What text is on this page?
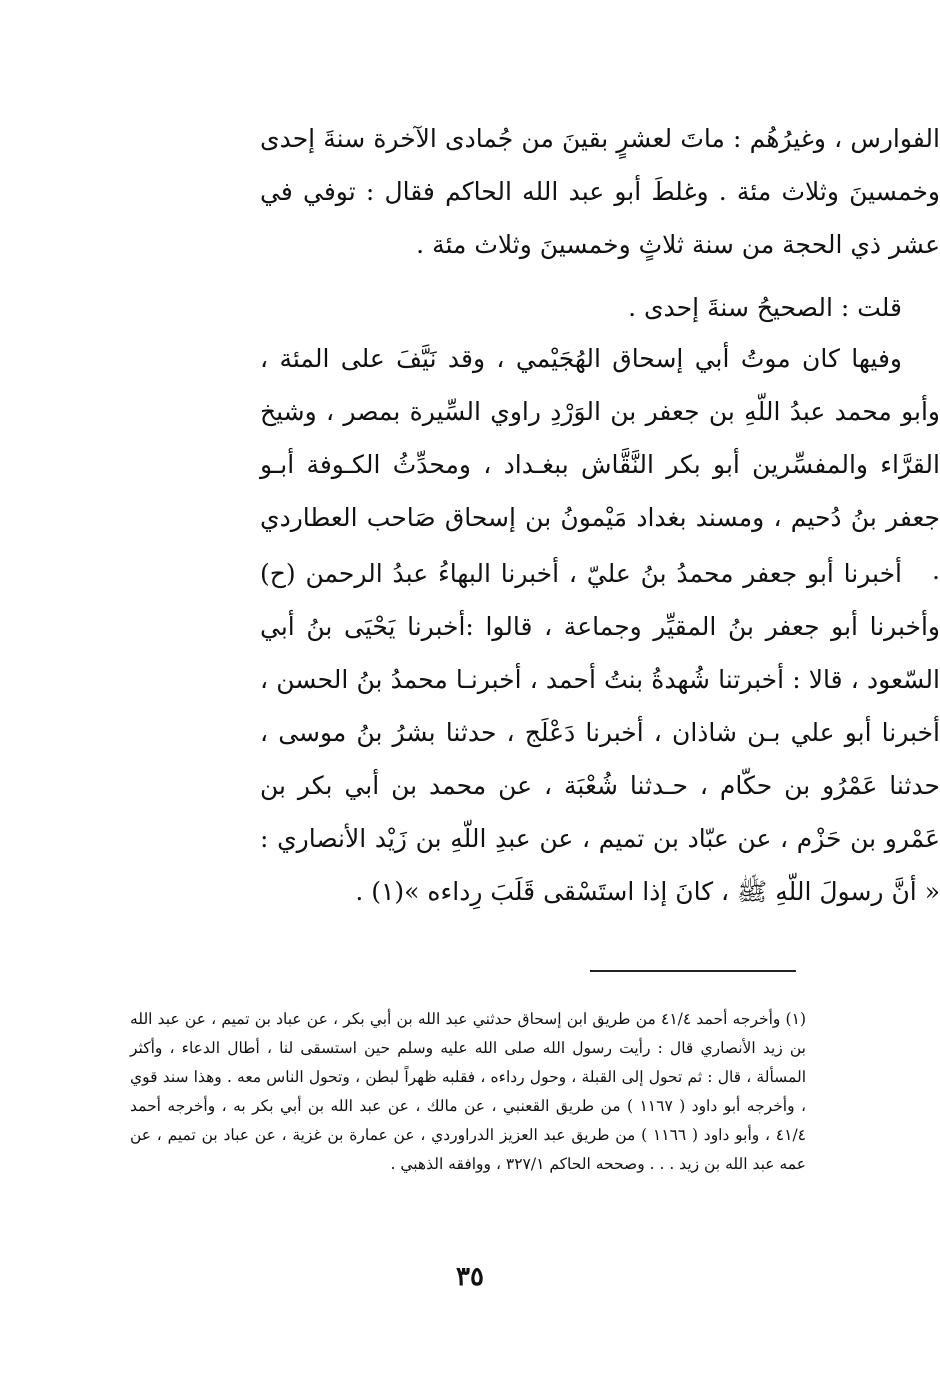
الفوارس ، وغيرُهُم : ماتَ لعشرٍ بقينَ من جُمادى الآخرة سنةَ إحدى وخمسينَ وثلاث مئة . وغلطَ أبو عبد الله الحاكم فقال : توفي في عشر ذي الحجة من سنة ثلاثٍ وخمسينَ وثلاث مئة .

قلت : الصحيحُ سنةَ إحدى .

وفيها كان موتُ أبي إسحاق الهُجَيْمي ، وقد نَيَّفَ على المئة ، وأبو محمد عبدُ اللّهِ بن جعفر بن الوَرْدِ راوي السِّيرة بمصر ، وشيخ القرَّاء والمفسِّرين أبو بكر النَّقَّاش ببغـداد ، ومحدِّثُ الكـوفة أبـو جعفر بنُ دُحيم ، ومسند بغداد مَيْمونُ بن إسحاق صَاحب العطاردي .

أخبرنا أبو جعفر محمدُ بنُ عليّ ، أخبرنا البهاءُ عبدُ الرحمن (ح) وأخبرنا أبو جعفر بنُ المقيِّر وجماعة ، قالوا :أخبرنا يَحْيَى بنُ أبي السّعود ، قالا : أخبرتنا شُهدةُ بنتُ أحمد ، أخبرنـا محمدُ بنُ الحسن ، أخبرنا أبو علي بـن شاذان ، أخبرنا دَعْلَج ، حدثنا بشرُ بنُ موسى ، حدثنا عَمْرُو بن حكّام ، حـدثنا شُعْبَة ، عن محمد بن أبي بكر بن عَمْرو بن حَزْم ، عن عبّاد بن تميم ، عن عبدِ اللّهِ بن زَيْد الأنصاري : « أنَّ رسولَ اللّهِ ﷺ ، كانَ إذا استَسْقى قَلَبَ رِداءه »(١) .

(١) وأخرجه أحمد ٤١/٤ من طريق ابن إسحاق حدثني عبد الله بن أبي بكر ، عن عباد بن تميم ، عن عبد الله بن زيد الأنصاري قال : رأيت رسول الله صلى الله عليه وسلم حين استسقى لنا ، أطال الدعاء ، وأكثر المسألة ، قال : ثم تحول إلى القبلة ، وحول رداءه ، فقلبه ظهراً لبطن ، وتحول الناس معه . وهذا سند قوي ، وأخرجه أبو داود ( ١١٦٧ ) من طريق القعنبي ، عن مالك ، عن عبد الله بن أبي بكر به ، وأخرجه أحمد ٤١/٤ ، وأبو داود ( ١١٦٦ ) من طريق عبد العزيز الدراوردي ، عن عمارة بن غزية ، عن عباد بن تميم ، عن عمه عبد الله بن زيد . . . وصححه الحاكم ٣٢٧/١ ، ووافقه الذهبي .

٣٥
